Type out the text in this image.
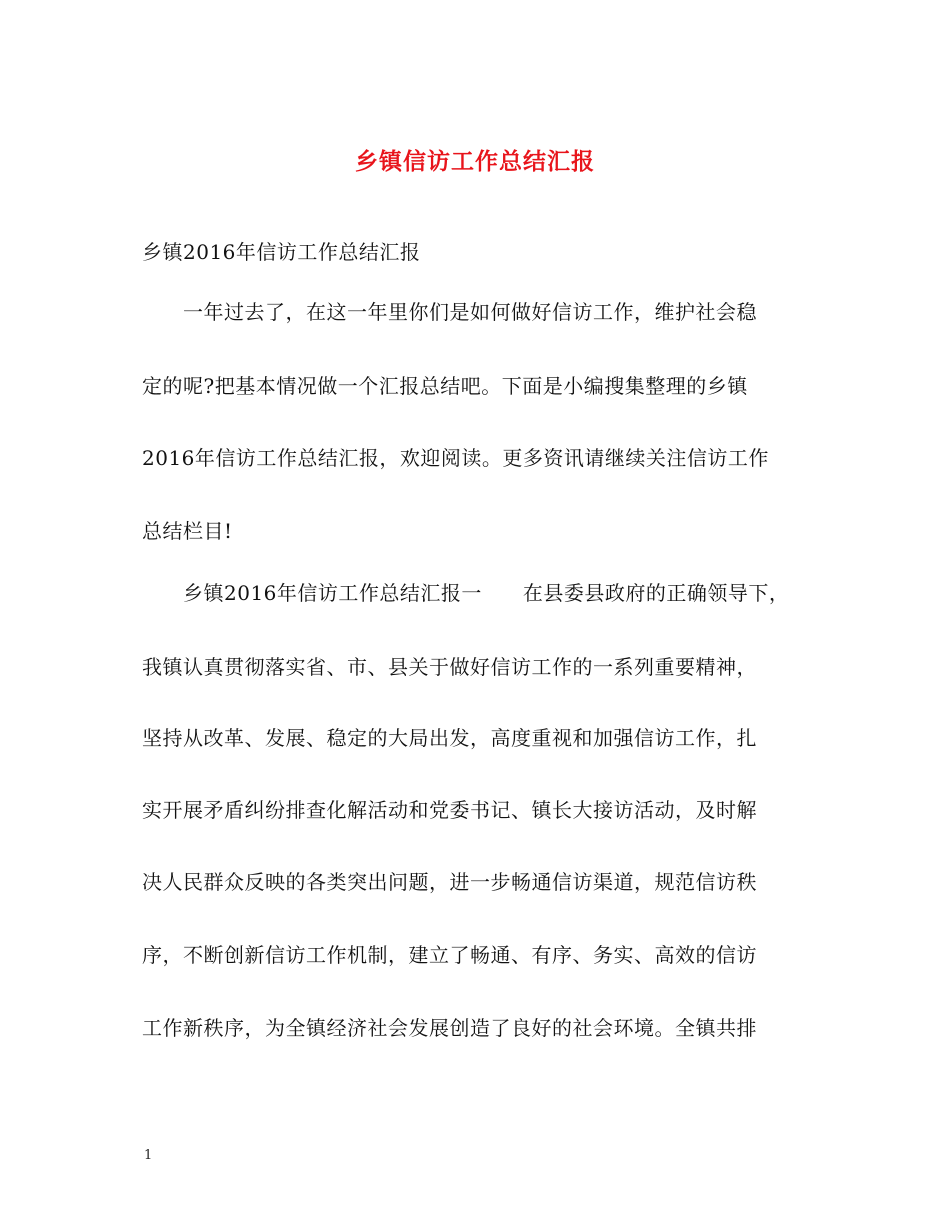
乡镇信访工作总结汇报
乡镇2016年信访工作总结汇报
一年过去了，在这一年里你们是如何做好信访工作，维护社会稳
定的呢?把基本情况做一个汇报总结吧。下面是小编搜集整理的乡镇
2016年信访工作总结汇报，欢迎阅读。更多资讯请继续关注信访工作
总结栏目!
乡镇2016年信访工作总结汇报一　　在县委县政府的正确领导下，
我镇认真贯彻落实省、市、县关于做好信访工作的一系列重要精神，
坚持从改革、发展、稳定的大局出发，高度重视和加强信访工作，扎
实开展矛盾纠纷排查化解活动和党委书记、镇长大接访活动，及时解
决人民群众反映的各类突出问题，进一步畅通信访渠道，规范信访秩
序，不断创新信访工作机制，建立了畅通、有序、务实、高效的信访
工作新秩序，为全镇经济社会发展创造了良好的社会环境。全镇共排
1
